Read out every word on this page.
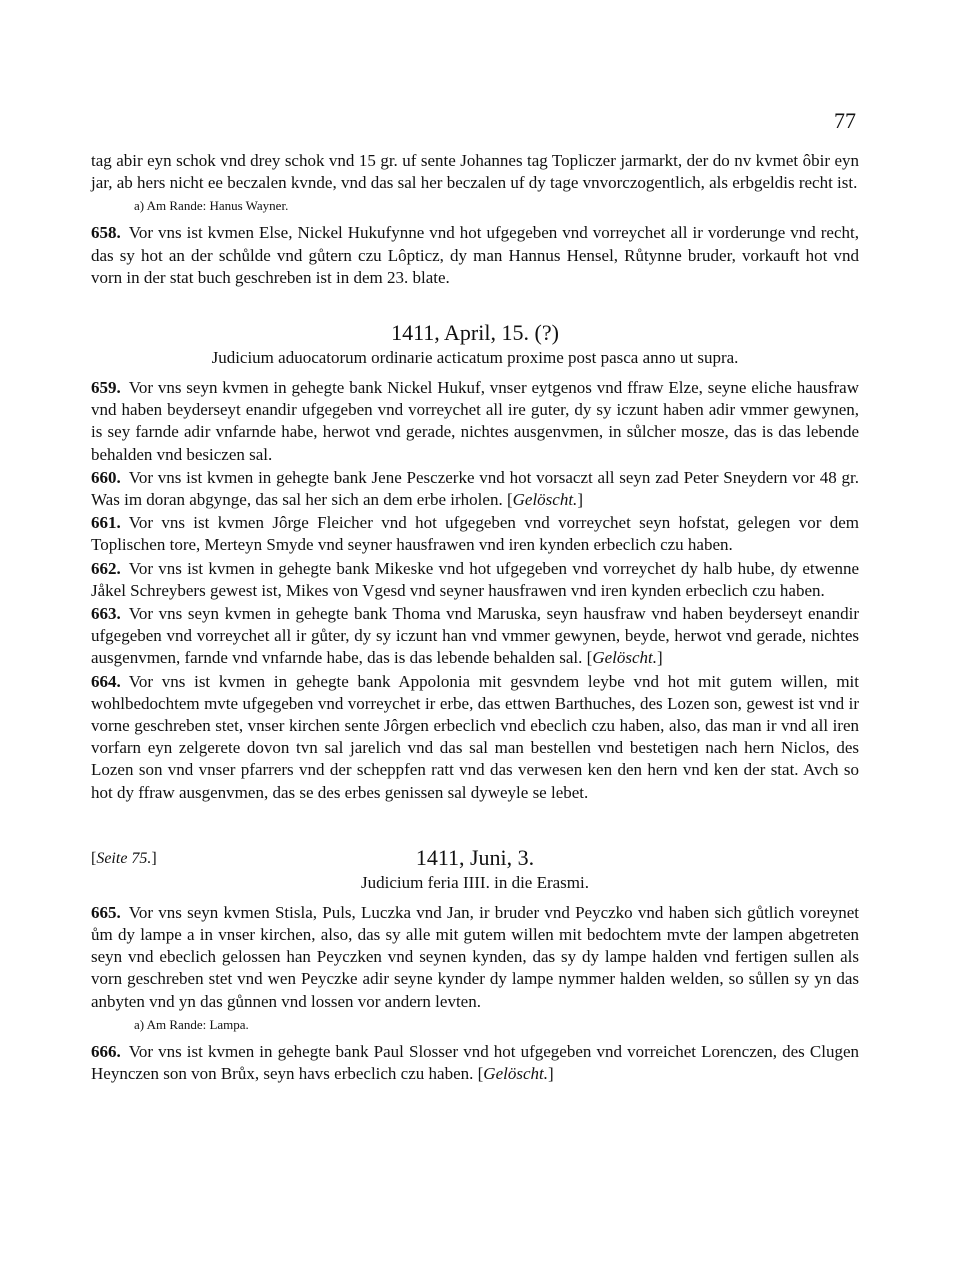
77

tag abir eyn schok vnd drey schok vnd 15 gr. uf sente Johannes tag Topliczer jarmarkt, der do nv kvmet ôbir eyn jar, ab hers nicht ee beczalen kvnde, vnd das sal her beczalen uf dy tage vnvorczogentlich, als erbgeldis recht ist.

a) Am Rande: Hanus Wayner.

658. Vor vns ist kvmen Else, Nickel Hukufynne vnd hot ufgegeben vnd vorreychet all ir vorderunge vnd recht, das sy hot an der schůlde vnd gůtern czu Lôpticz, dy man Hannus Hensel, Růtynne bruder, vorkauft hot vnd vorn in der stat buch geschreben ist in dem 23. blate.

1411, April, 15. (?)
Judicium aduocatorum ordinarie acticatum proxime post pasca anno ut supra.

659. Vor vns seyn kvmen in gehegte bank Nickel Hukuf, vnser eytgenos vnd ffraw Elze, seyne eliche hausfraw vnd haben beyderseyt enandir ufgegeben vnd vorreychet all ire guter, dy sy iczunt haben adir vmmer gewynen, is sey farnde adir vnfarnde habe, herwot vnd gerade, nichtes ausgenvmen, in sůlcher mosze, das is das lebende behalden vnd besiczen sal.

660. Vor vns ist kvmen in gehegte bank Jene Pesczerke vnd hot vorsaczt all seyn zad Peter Sneydern vor 48 gr. Was im doran abgynge, das sal her sich an dem erbe irholen. [Gelöscht.]

661. Vor vns ist kvmen Jôrge Fleicher vnd hot ufgegeben vnd vorreychet seyn hofstat, gelegen vor dem Toplischen tore, Merteyn Smyde vnd seyner hausfrawen vnd iren kynden erbeclich czu haben.

662. Vor vns ist kvmen in gehegte bank Mikeske vnd hot ufgegeben vnd vorreychet dy halb hube, dy etwenne Jåkel Schreybers gewest ist, Mikes von Vgesd vnd seyner hausfrawen vnd iren kynden erbeclich czu haben.

663. Vor vns seyn kvmen in gehegte bank Thoma vnd Maruska, seyn hausfraw vnd haben beyderseyt enandir ufgegeben vnd vorreychet all ir gůter, dy sy iczunt han vnd vmmer gewynen, beyde, herwot vnd gerade, nichtes ausgenvmen, farnde vnd vnfarnde habe, das is das lebende behalden sal. [Gelöscht.]

664. Vor vns ist kvmen in gehegte bank Appolonia mit gesvndem leybe vnd hot mit gutem willen, mit wohlbedochtem mvte ufgegeben vnd vorreychet ir erbe, das ettwen Barthuches, des Lozen son, gewest ist vnd ir vorne geschreben stet, vnser kirchen sente Jôrgen erbeclich vnd ebeclich czu haben, also, das man ir vnd all iren vorfarn eyn zelgerete dovon tvn sal jarelich vnd das sal man bestellen vnd bestetigen nach hern Niclos, des Lozen son vnd vnser pfarrers vnd der scheppfen ratt vnd das verwesen ken den hern vnd ken der stat. Avch so hot dy ffraw ausgenvmen, das se des erbes genissen sal dyweyle se lebet.

[Seite 75.]	1411, Juni, 3.
Judicium feria IIII. in die Erasmi.

665. Vor vns seyn kvmen Stisla, Puls, Luczka vnd Jan, ir bruder vnd Peyczko vnd haben sich gůtlich voreynet ům dy lampe a in vnser kirchen, also, das sy alle mit gutem willen mit bedochtem mvte der lampen abgetreten seyn vnd ebeclich gelossen han Peyczken vnd seynen kynden, das sy dy lampe halden vnd fertigen sullen als vorn geschreben stet vnd wen Peyczke adir seyne kynder dy lampe nymmer halden welden, so sůllen sy yn das anbyten vnd yn das gůnnen vnd lossen vor andern levten.

a) Am Rande: Lampa.

666. Vor vns ist kvmen in gehegte bank Paul Slosser vnd hot ufgegeben vnd vorreichet Lorenczen, des Clugen Heynczen son von Brůx, seyn havs erbeclich czu haben. [Gelöscht.]
